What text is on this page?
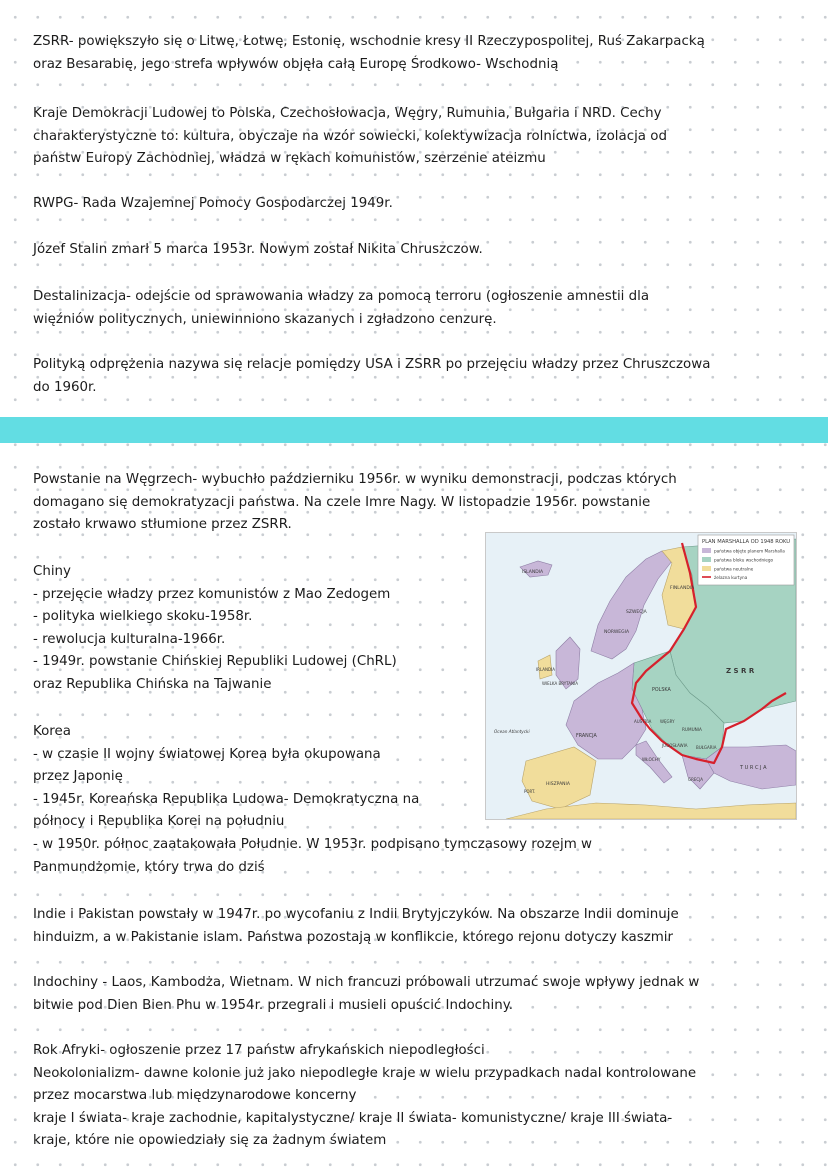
ZSRR- powiększyło się o Litwę, Łotwę, Estonię, wschodnie kresy II Rzeczypospolitej, Ruś Zakarpacką

oraz Besarabię, jego strefa wpływów objęła całą Europę Środkowo- Wschodnią

Kraje Demokracji Ludowej to Polska, Czechosłowacja, Węgry, Rumunia, Bułgaria i NRD. Cechy

charakterystyczne to: kultura, obyczaje na wzór sowiecki, kolektywizacja rolnictwa, izolacja od

państw Europy Zachodniej, władza w rękach komunistów, szerzenie ateizmu

RWPG- Rada Wzajemnej Pomocy Gospodarczej 1949r.

Józef Stalin zmarł 5 marca 1953r. Nowym został Nikita Chruszczow.

Destalinizacja- odejście od sprawowania władzy za pomocą terroru (ogłoszenie amnestii dla

więźniów politycznych, uniewinniono skazanych i zgładzono cenzurę.

Polityką odprężenia nazywa się relacje pomiędzy USA i ZSRR po przejęciu władzy przez Chruszczowa

do 1960r.

Powstanie na Węgrzech- wybuchło październiku 1956r. w wyniku demonstracji, podczas których

domagano się demokratyzacji państwa. Na czele Imre Nagy. W listopadzie 1956r. powstanie

zostało krwawo stłumione przez ZSRR.

Chiny

- przejęcie władzy przez komunistów z Mao Zedogem

- polityka wielkiego skoku-1958r.

- rewolucja kulturalna-1966r.

- 1949r. powstanie Chińskiej Republiki Ludowej (ChRL)

oraz Republika Chińska na Tajwanie

Korea

- w czasie II wojny światowej Korea była okupowana

przez Japonię

- 1945r. Koreańska Republika Ludowa- Demokratyczna na

północy i Republika Korei na południu

- w 1950r. północ zaatakowała Południe. W 1953r. podpisano tymczasowy rozejm w

Panmundżomie, który trwa do dziś

Indie i Pakistan powstały w 1947r. po wycofaniu z Indii Brytyjczyków. Na obszarze Indii dominuje

hinduizm, a w Pakistanie islam. Państwa pozostają w konflikcie, którego rejonu dotyczy kaszmir

Indochiny - Laos, Kambodża, Wietnam. W nich francuzi próbowali utrzumać swoje wpływy jednak w

bitwie pod Dien Bien Phu w 1954r. przegrali i musieli opuścić Indochiny.

Rok Afryki- ogłoszenie przez 17 państw afrykańskich niepodległości

Neokolonializm- dawne kolonie już jako niepodległe kraje w wielu przypadkach nadal kontrolowane

przez mocarstwa lub międzynarodowe koncerny

kraje I świata- kraje zachodnie, kapitalystyczne/ kraje II świata- komunistyczne/ kraje III świata-

kraje, które nie opowiedziały się za żadnym światem

PLAN MARSHALLA OD 1948 ROKU
państwa objęte planem Marshalla
państwa bloku wschodniego
państwa neutralne
żelazna kurtyna
ISLANDIA
NORWEGIA
SZWECJA
FINLANDIA
Z S R R
IRLANDIA
WIELKA BRYTANIA
FRANCJA
HISZPANIA
PORT.
WŁOCHY
POLSKA
AUSTRIA WĘGRY
RUMUNIA
JUGOSŁAWIA BUŁGARIA
GRECJA
T U R C J A
Ocean Atlantycki
